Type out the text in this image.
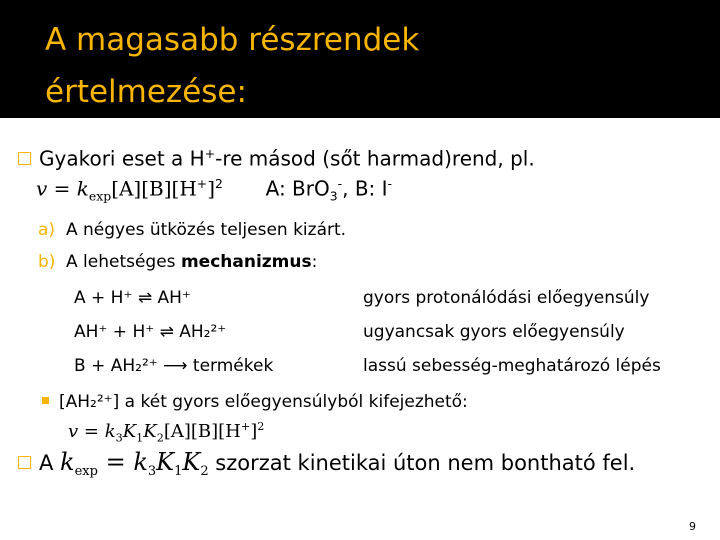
A magasabb részrendek
értelmezése:
Gyakori eset a H+-re másod (sőt harmad)rend, pl.
$v = k_{exp}[A][B][H^+]^2$ A: BrO$_3$-, B: I-
a) A négyes ütközés teljesen kizárt.
b) A lehetséges mechanizmus:
A + H⁺ ⇌ AH⁺	gyors protonálódási előegyensúly
AH⁺ + H⁺ ⇌ AH₂²⁺	ugyancsak gyors előegyensúly
B + AH₂²⁺ ⟶ termékek	lassú sebesség-meghatározó lépés
[AH₂²⁺] a két gyors előegyensúlyból kifejezhető:
$v = k_3K_1K_2[A][B][H^+]^2$
A $k_{exp} = k_3K_1K_2$ szorzat kinetikai úton nem bontható fel.
9
